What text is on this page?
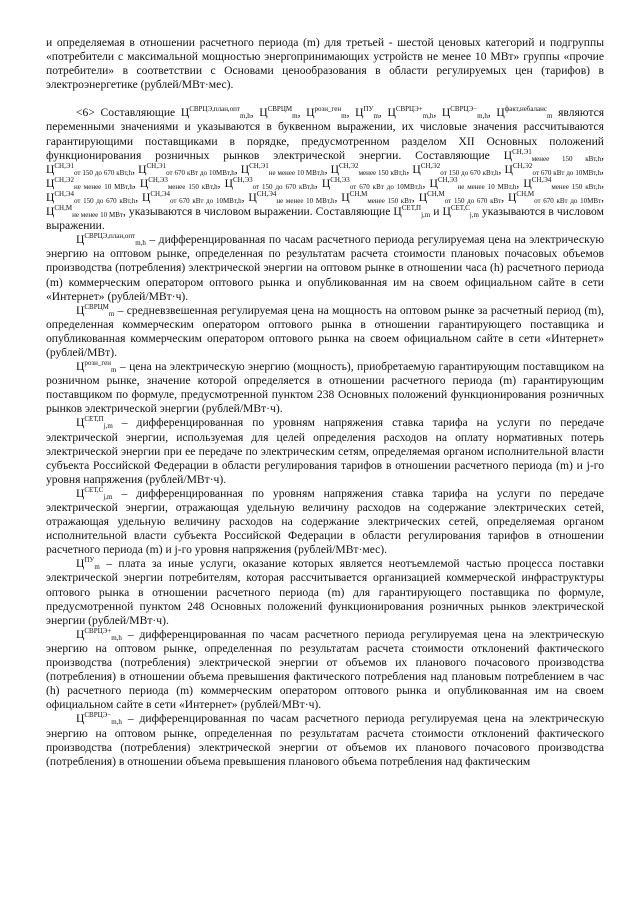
и определяемая в отношении расчетного периода (m) для третьей - шестой ценовых категорий и подгруппы «потребители с максимальной мощностью энергопринимающих устройств не менее 10 МВт» группы «прочие потребители» в соответствии с Основами ценообразования в области регулируемых цен (тарифов) в электроэнергетике (рублей/МВт·мес).

<6> Составляющие $Ц^{СВРЦЭ,план,опт}_{m,h}$, $Ц^{СВРЦМ}_m$, $Ц^{розн\_ген}_m$, $Ц^{ПУ}_m$, $Ц^{СВРЦЭ+}_{m,h}$, $Ц^{СВРЦЭ-}_{m,h}$, $Ц^{факт,небаланс}_m$ являются переменными значениями и указываются в буквенном выражении, их числовые значения рассчитываются гарантирующими поставщиками в порядке, предусмотренном разделом XII Основных положений функционирования розничных рынков электрической энергии. Составляющие $Ц^{СН,Э1}_{менее 150 кВт,h}$, $Ц^{СН,Э1}_{от 150 до 670 кВт,h}$, $Ц^{СН,Э1}_{от 670 кВт до 10МВт,h}$, $Ц^{СН,Э1}_{не менее 10 МВт,h}$, $Ц^{СН,Э2}_{менее 150 кВт,h}$, $Ц^{СН,Э2}_{от 150 до 670 кВт,h}$, $Ц^{СН,Э2}_{от 670 кВт до 10МВт,h}$, $Ц^{СН,Э2}_{не менее 10 МВт,h}$, $Ц^{СН,Э3}_{менее 150 кВт,h}$, $Ц^{СН,Э3}_{от 150 до 670 кВт,h}$, $Ц^{СН,Э3}_{от 670 кВт до 10МВт,h}$, $Ц^{СН,Э3}_{не менее 10 МВт,h}$, $Ц^{СН,Э4}_{менее 150 кВт,h}$, $Ц^{СН,Э4}_{от 150 до 670 кВт,h}$, $Ц^{СН,Э4}_{от 670 кВт до 10МВт,h}$, $Ц^{СН,Э4}_{не менее 10 МВт,h}$, $Ц^{СН,М}_{менее 150 кВт}$, $Ц^{СН,М}_{от 150 до 670 кВт}$, $Ц^{СН,М}_{от 670 кВт до 10МВт}$, $Ц^{СН,М}_{не менее 10 МВт}$, указываются в числовом выражении. Составляющие $Ц^{СЕТ,П}_{j,m}$ и $Ц^{СЕТ,С}_{j,m}$ указываются в числовом выражении.

$Ц^{СВРЦЭ,план,опт}_{m,h}$ – дифференцированная по часам расчетного периода регулируемая цена на электрическую энергию на оптовом рынке, определенная по результатам расчета стоимости плановых почасовых объемов производства (потребления) электрической энергии на оптовом рынке в отношении часа (h) расчетного периода (m) коммерческим оператором оптового рынка и опубликованная им на своем официальном сайте в сети «Интернет» (рублей/МВт·ч).

$Ц^{СВРЦМ}_m$ – средневзвешенная регулируемая цена на мощность на оптовом рынке за расчетный период (m), определенная коммерческим оператором оптового рынка в отношении гарантирующего поставщика и опубликованная коммерческим оператором оптового рынка на своем официальном сайте в сети «Интернет» (рублей/МВт).

$Ц^{розн\_ген}_m$ – цена на электрическую энергию (мощность), приобретаемую гарантирующим поставщиком на розничном рынке, значение которой определяется в отношении расчетного периода (m) гарантирующим поставщиком по формуле, предусмотренной пунктом 238 Основных положений функционирования розничных рынков электрической энергии (рублей/МВт·ч).

$Ц^{СЕТ,П}_{j,m}$ – дифференцированная по уровням напряжения ставка тарифа на услуги по передаче электрической энергии, используемая для целей определения расходов на оплату нормативных потерь электрической энергии при ее передаче по электрическим сетям, определяемая органом исполнительной власти субъекта Российской Федерации в области регулирования тарифов в отношении расчетного периода (m) и j-го уровня напряжения (рублей/МВт·ч).

$Ц^{СЕТ,С}_{j,m}$ – дифференцированная по уровням напряжения ставка тарифа на услуги по передаче электрической энергии, отражающая удельную величину расходов на содержание электрических сетей, отражающая удельную величину расходов на содержание электрических сетей, определяемая органом исполнительной власти субъекта Российской Федерации в области регулирования тарифов в отношении расчетного периода (m) и j-го уровня напряжения (рублей/МВт·мес).

$Ц^{ПУ}_m$ – плата за иные услуги, оказание которых является неотъемлемой частью процесса поставки электрической энергии потребителям, которая рассчитывается организацией коммерческой инфраструктуры оптового рынка в отношении расчетного периода (m) для гарантирующего поставщика по формуле, предусмотренной пунктом 248 Основных положений функционирования розничных рынков электрической энергии (рублей/МВт·ч).

$Ц^{СВРЦЭ+}_{m,h}$ – дифференцированная по часам расчетного периода регулируемая цена на электрическую энергию на оптовом рынке, определенная по результатам расчета стоимости отклонений фактического производства (потребления) электрической энергии от объемов их планового почасового производства (потребления) в отношении объема превышения фактического потребления над плановым потреблением в час (h) расчетного периода (m) коммерческим оператором оптового рынка и опубликованная им на своем официальном сайте в сети «Интернет» (рублей/МВт·ч).

$Ц^{СВРЦЭ-}_{m,h}$ – дифференцированная по часам расчетного периода регулируемая цена на электрическую энергию на оптовом рынке, определенная по результатам расчета стоимости отклонений фактического производства (потребления) электрической энергии от объемов их планового почасового производства (потребления) в отношении объема превышения планового объема потребления над фактическим
